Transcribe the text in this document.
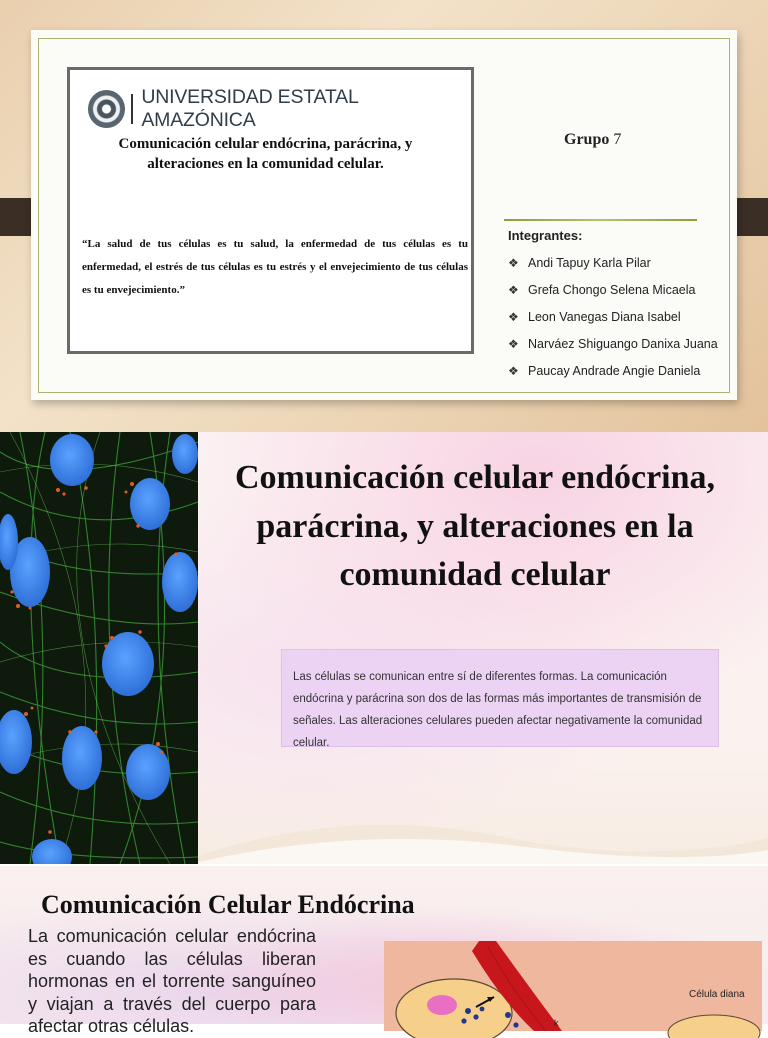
UNIVERSIDAD ESTATAL AMAZÓNICA
Comunicación celular endócrina, parácrina, y alteraciones en la comunidad celular.
“La salud de tus células es tu salud, la enfermedad de tus células es tu enfermedad, el estrés de tus células es tu estrés y el envejecimiento de tus células es tu envejecimiento.”
Grupo 7
Integrantes:
❖ Andi Tapuy Karla Pilar
❖ Grefa Chongo Selena Micaela
❖ Leon Vanegas Diana Isabel
❖ Narváez Shiguango Danixa Juana
❖ Paucay Andrade Angie Daniela
Comunicación celular endócrina, parácrina, y alteraciones en la comunidad celular
Las células se comunican entre sí de diferentes formas. La comunicación endócrina y parácrina son dos de las formas más importantes de transmisión de señales. Las alteraciones celulares pueden afectar negativamente la comunidad celular.
Comunicación Celular Endócrina
La comunicación celular endócrina es cuando las células liberan hormonas en el torrente sanguíneo y viajan a través del cuerpo para afectar otras células.	k
Célula diana
